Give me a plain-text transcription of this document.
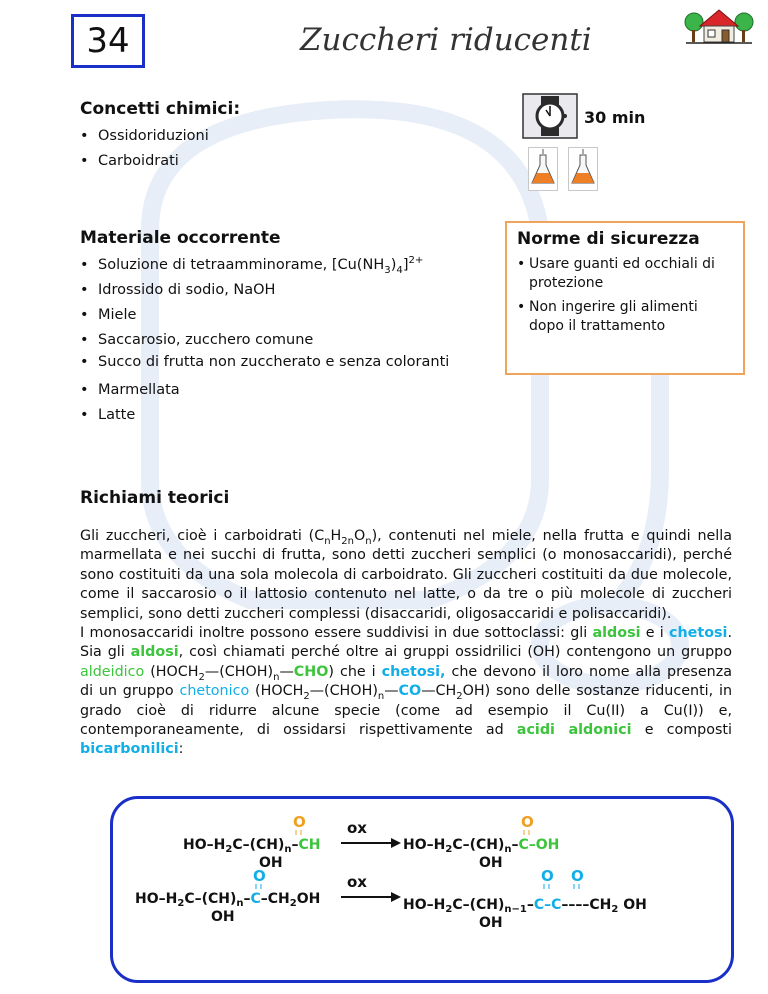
34	Zuccheri riducenti
Concetti chimici:
• Ossidoriduzioni
• Carboidrati
30 min
Materiale occorrente
• Soluzione di tetraamminorame, $[Cu(NH_3)_4]^{2+}$
• Idrossido di sodio, NaOH
• Miele
• Saccarosio, zucchero comune
• Succo di frutta non zuccherato e senza coloranti
• Marmellata
• Latte
Norme di sicurezza
• Usare guanti ed occhiali di protezione
• Non ingerire gli alimenti dopo il trattamento
Richiami teorici

Gli zuccheri, cioè i carboidrati $(C_nH_{2n}O_n)$, contenuti nel miele, nella frutta e quindi nella marmellata e nei succhi di frutta, sono detti zuccheri semplici (o monosaccaridi), perché sono costituiti da una sola molecola di carboidrato. Gli zuccheri costituiti da due molecole, come il saccarosio o il lattosio contenuto nel latte, o da tre o più molecole di zuccheri semplici, sono detti zuccheri complessi (disaccaridi, oligosaccaridi e polisaccaridi).

I monosaccaridi inoltre possono essere suddivisi in due sottoclassi: gli aldosi e i chetosi. Sia gli aldosi, così chiamati perché oltre ai gruppi ossidrilici (OH) contengono un gruppo aldeidico $(HOCH_2—(CHOH)_n—CHO)$ che i chetosi, che devono il loro nome alla presenza di un gruppo chetonico $(HOCH_2—(CHOH)_n—CO—CH_2OH)$ sono delle sostanze riducenti, in grado cioè di ridurre alcune specie (come ad esempio il Cu(II) a Cu(I)) e, contemporaneamente, di ossidarsi rispettivamente ad acidi aldonici e composti bicarbonilici:

O
$HO-H_2C-(CH)_n-CH$
OH
ox	O
$HO-H_2C-(CH)_n-C-OH$
OH
O
$HO-H_2C-(CH)_n-C-CH_2OH$
OH
ox	O O
$HO-H_2C-(CH)_{n-1}-C-C----CH_2$ OH
OH
